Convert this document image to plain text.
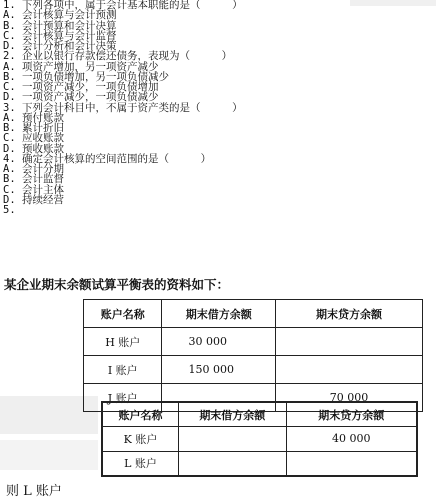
1. 下列各项中，属于会计基本职能的是（     ）
A. 会计核算与会计预测
B. 会计预算和会计决算
C. 会计核算与会计监督
D. 会计分析和会计决策
2. 企业以银行存款偿还债务，表现为（     ）
A. 项资产增加，另一项资产减少
B. 一项负债增加，另一项负债减少
C. 一项资产减少，一项负债增加
D. 一项资产减少，一项负债减少
3. 下列会计科目中，不属于资产类的是（     ）
A. 预付账款
B. 累计折旧
C. 应收账款
D. 预收账款
4. 确定会计核算的空间范围的是（     ）
A. 会计分期
B. 会计监督
C. 会计主体
D. 持续经营
5.
某企业期末余额试算平衡表的资料如下：
账户名称	期末借方余额	期末贷方余额
H 账户	30 000	
I 账户	150 000	
J 账户		70 000
账户名称	期末借方余额	期末贷方余额
K 账户		40 000
L 账户		
则 L 账户
